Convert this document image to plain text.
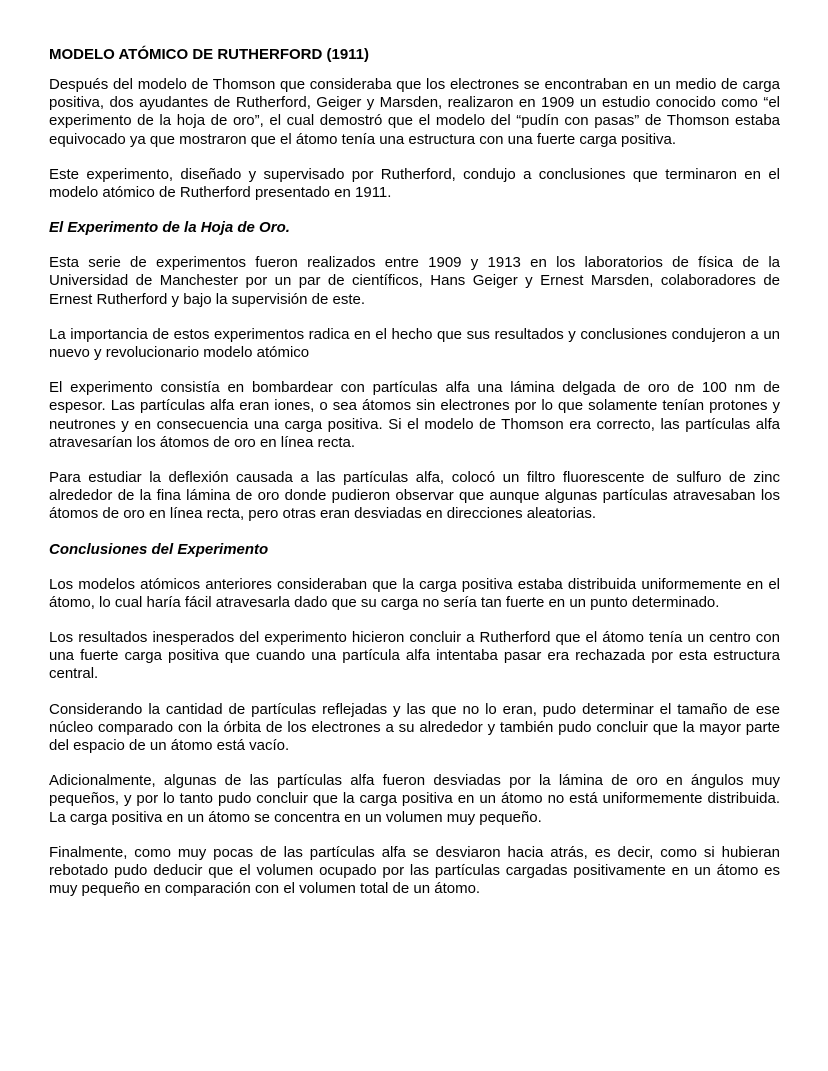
MODELO ATÓMICO DE RUTHERFORD (1911)

Después del modelo de Thomson que consideraba que los electrones se encontraban en un medio de carga positiva, dos ayudantes de Rutherford, Geiger y Marsden, realizaron en 1909 un estudio conocido como “el experimento de la hoja de oro”, el cual demostró que el modelo del “pudín con pasas” de Thomson estaba equivocado ya que mostraron que el átomo tenía una estructura con una fuerte carga positiva.

Este experimento, diseñado y supervisado por Rutherford, condujo a conclusiones que terminaron en el modelo atómico de Rutherford presentado en 1911.

El Experimento de la Hoja de Oro.

Esta serie de experimentos fueron realizados entre 1909 y 1913 en los laboratorios de física de la Universidad de Manchester por un par de científicos, Hans Geiger y Ernest Marsden, colaboradores de Ernest Rutherford y bajo la supervisión de este.

La importancia de estos experimentos radica en el hecho que sus resultados y conclusiones condujeron a un nuevo y revolucionario modelo atómico

El experimento consistía en bombardear con partículas alfa una lámina delgada de oro de 100 nm de espesor. Las partículas alfa eran iones, o sea átomos sin electrones por lo que solamente tenían protones y neutrones y en consecuencia una carga positiva. Si el modelo de Thomson era correcto, las partículas alfa atravesarían los átomos de oro en línea recta.

Para estudiar la deflexión causada a las partículas alfa, colocó un filtro fluorescente de sulfuro de zinc alrededor de la fina lámina de oro donde pudieron observar que aunque algunas partículas atravesaban los átomos de oro en línea recta, pero otras eran desviadas en direcciones aleatorias.

Conclusiones del Experimento

Los modelos atómicos anteriores consideraban que la carga positiva estaba distribuida uniformemente en el átomo, lo cual haría fácil atravesarla dado que su carga no sería tan fuerte en un punto determinado.

Los resultados inesperados del experimento hicieron concluir a Rutherford que el átomo tenía un centro con una fuerte carga positiva que cuando una partícula alfa intentaba pasar era rechazada por esta estructura central.

Considerando la cantidad de partículas reflejadas y las que no lo eran, pudo determinar el tamaño de ese núcleo comparado con la órbita de los electrones a su alrededor y también pudo concluir que la mayor parte del espacio de un átomo está vacío.

Adicionalmente, algunas de las partículas alfa fueron desviadas por la lámina de oro en ángulos muy pequeños, y por lo tanto pudo concluir que la carga positiva en un átomo no está uniformemente distribuida. La carga positiva en un átomo se concentra en un volumen muy pequeño.

Finalmente, como muy pocas de las partículas alfa se desviaron hacia atrás, es decir, como si hubieran rebotado pudo deducir que el volumen ocupado por las partículas cargadas positivamente en un átomo es muy pequeño en comparación con el volumen total de un átomo.
